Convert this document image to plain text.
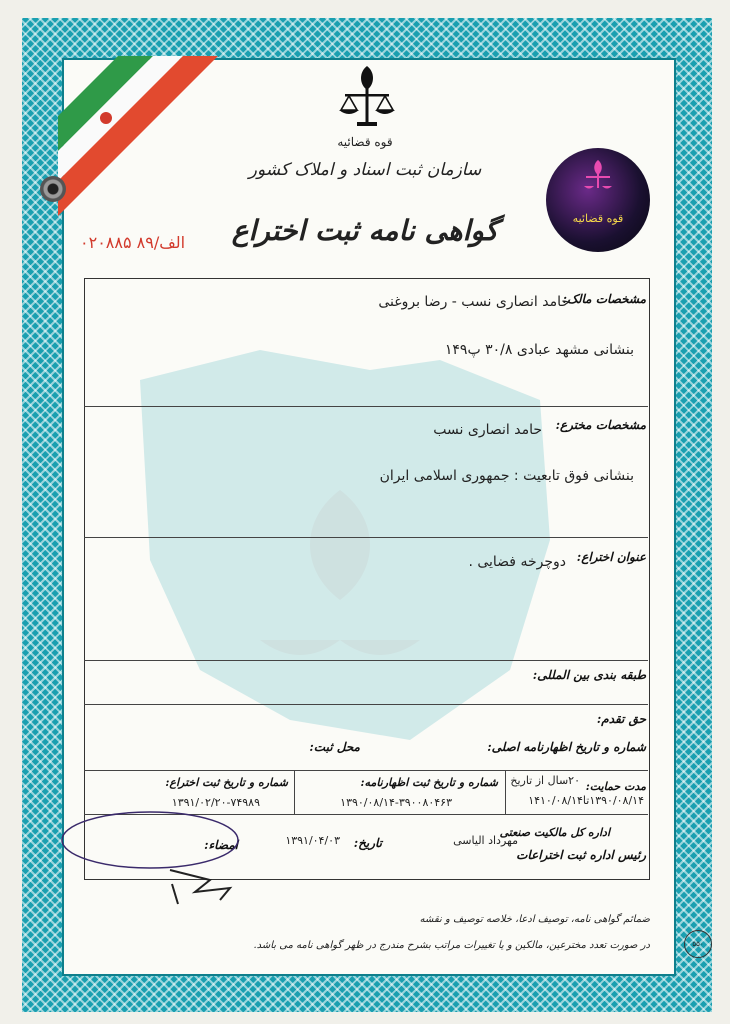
قوه قضائیه
سازمان ثبت اسناد و املاک کشور
گواهی نامه ثبت اختراع
۰۲۰۸۸۵ الف/۸۹
قوه قضائیه
مشخصات مالک:
حامد انصاری نسب - رضا بروغنی
بنشانی مشهد عبادی ۳۰/۸ پ۱۴۹
مشخصات مخترع:
حامد انصاری نسب
بنشانی فوق تابعیت : جمهوری اسلامی ایران
عنوان اختراع:
دوچرخه فضایی .
طبقه بندی بین المللی:
حق تقدم:
شماره و تاریخ اظهارنامه اصلی:
محل ثبت:
مدت حمایت:
۲۰سال از تاریخ
۱۳۹۰/۰۸/۱۴تا۱۴۱۰/۰۸/۱۴
شماره و تاریخ ثبت اظهارنامه:
۱۳۹۰/۰۸/۱۴-۳۹۰۰۸۰۴۶۳
شماره و تاریخ ثبت اختراع:
۱۳۹۱/۰۲/۲۰-۷۴۹۸۹
اداره کل مالکیت صنعتی
رئیس اداره ثبت اختراعات
مهرداد الیاسی
تاریخ:
۱۳۹۱/۰۴/۰۳
امضاء:
ضمائم گواهی نامه، توصیف ادعا، خلاصه توصیف و نقشه
در صورت تعدد مخترعین، مالکین و یا تغییرات مراتب بشرح مندرج در ظهر گواهی نامه می باشد.	۵۵۰
